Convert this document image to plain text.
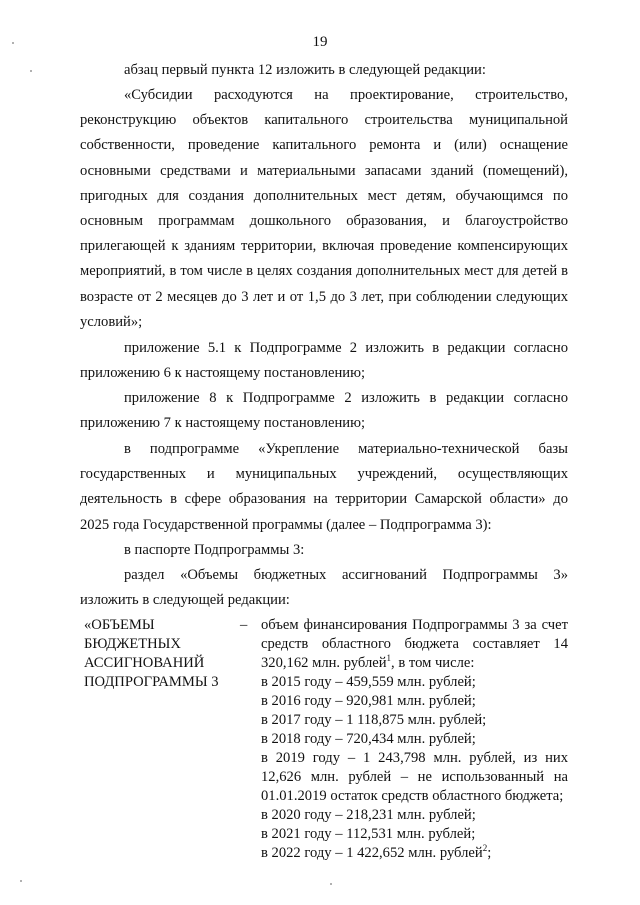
19

абзац первый пункта 12 изложить в следующей редакции:

«Субсидии расходуются на проектирование, строительство, реконструкцию объектов капитального строительства муниципальной собственности, проведение капитального ремонта и (или) оснащение основными средствами и материальными запасами зданий (помещений), пригодных для создания дополнительных мест детям, обучающимся по основным программам дошкольного образования, и благоустройство прилегающей к зданиям территории, включая проведение компенсирующих мероприятий, в том числе в целях создания дополнительных мест для детей в возрасте от 2 месяцев до 3 лет и от 1,5 до 3 лет, при соблюдении следующих условий»;

приложение 5.1 к Подпрограмме 2 изложить в редакции согласно приложению 6 к настоящему постановлению;

приложение 8 к Подпрограмме 2 изложить в редакции согласно приложению 7 к настоящему постановлению;

в подпрограмме «Укрепление материально-технической базы государственных и муниципальных учреждений, осуществляющих деятельность в сфере образования на территории Самарской области» до 2025 года Государственной программы (далее – Подпрограмма 3):

в паспорте Подпрограммы 3:

раздел «Объемы бюджетных ассигнований Подпрограммы 3» изложить в следующей редакции:

«ОБЪЕМЫ
БЮДЖЕТНЫХ
АССИГНОВАНИЙ
ПОДПРОГРАММЫ 3
– объем финансирования Подпрограммы 3 за счет средств областного бюджета составляет 14 320,162 млн. рублей$^1$, в том числе:
в 2015 году – 459,559 млн. рублей;
в 2016 году – 920,981 млн. рублей;
в 2017 году – 1 118,875 млн. рублей;
в 2018 году – 720,434 млн. рублей;
в 2019 году – 1 243,798 млн. рублей, из них 12,626 млн. рублей – не использованный на 01.01.2019 остаток средств областного бюджета;
в 2020 году – 218,231 млн. рублей;
в 2021 году – 112,531 млн. рублей;
в 2022 году – 1 422,652 млн. рублей$^2$;
